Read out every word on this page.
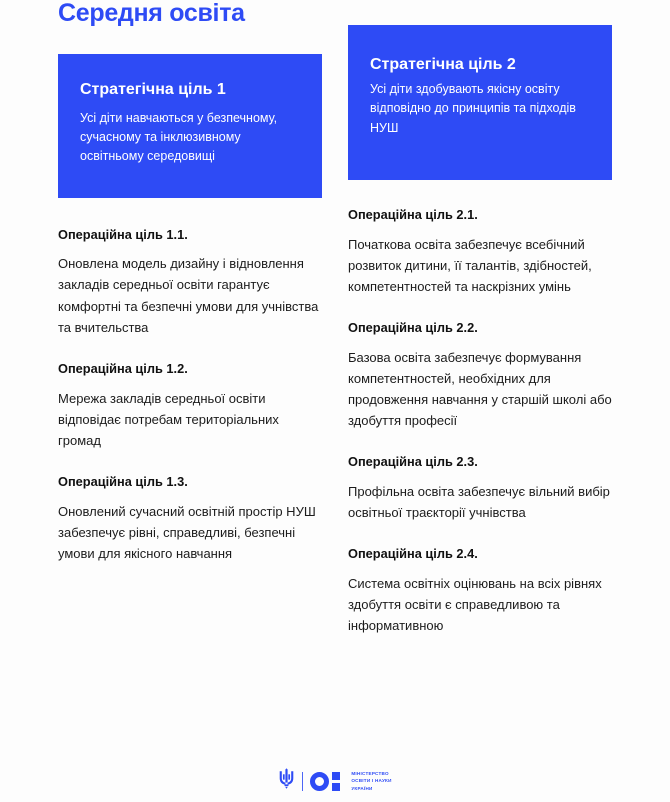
Середня освіта
Стратегічна ціль 1
Усі діти навчаються у безпечному, сучасному та інклюзивному освітньому середовищі
Операційна ціль 1.1.
Оновлена модель дизайну і відновлення закладів середньої освіти гарантує комфортні та безпечні умови для учнівства та вчительства
Операційна ціль 1.2.
Мережа закладів середньої освіти відповідає потребам територіальних громад
Операційна ціль 1.3.
Оновлений сучасний освітній простір НУШ забезпечує рівні, справедливі, безпечні умови для якісного навчання
Стратегічна ціль 2
Усі діти здобувають якісну освіту відповідно до принципів та підходів НУШ
Операційна ціль 2.1.
Початкова освіта забезпечує всебічний розвиток дитини, її талантів, здібностей, компетентностей та наскрізних умінь
Операційна ціль 2.2.
Базова освіта забезпечує формування компетентностей, необхідних для продовження навчання у старшій школі або здобуття професії
Операційна ціль 2.3.
Профільна освіта забезпечує вільний вибір освітньої траєкторії учнівства
Операційна ціль 2.4.
Система освітніх оцінювань на всіх рівнях здобуття освіти є справедливою та інформативною
МІНІСТЕРСТВО
ОСВІТИ І НАУКИ
УКРАЇНИ
